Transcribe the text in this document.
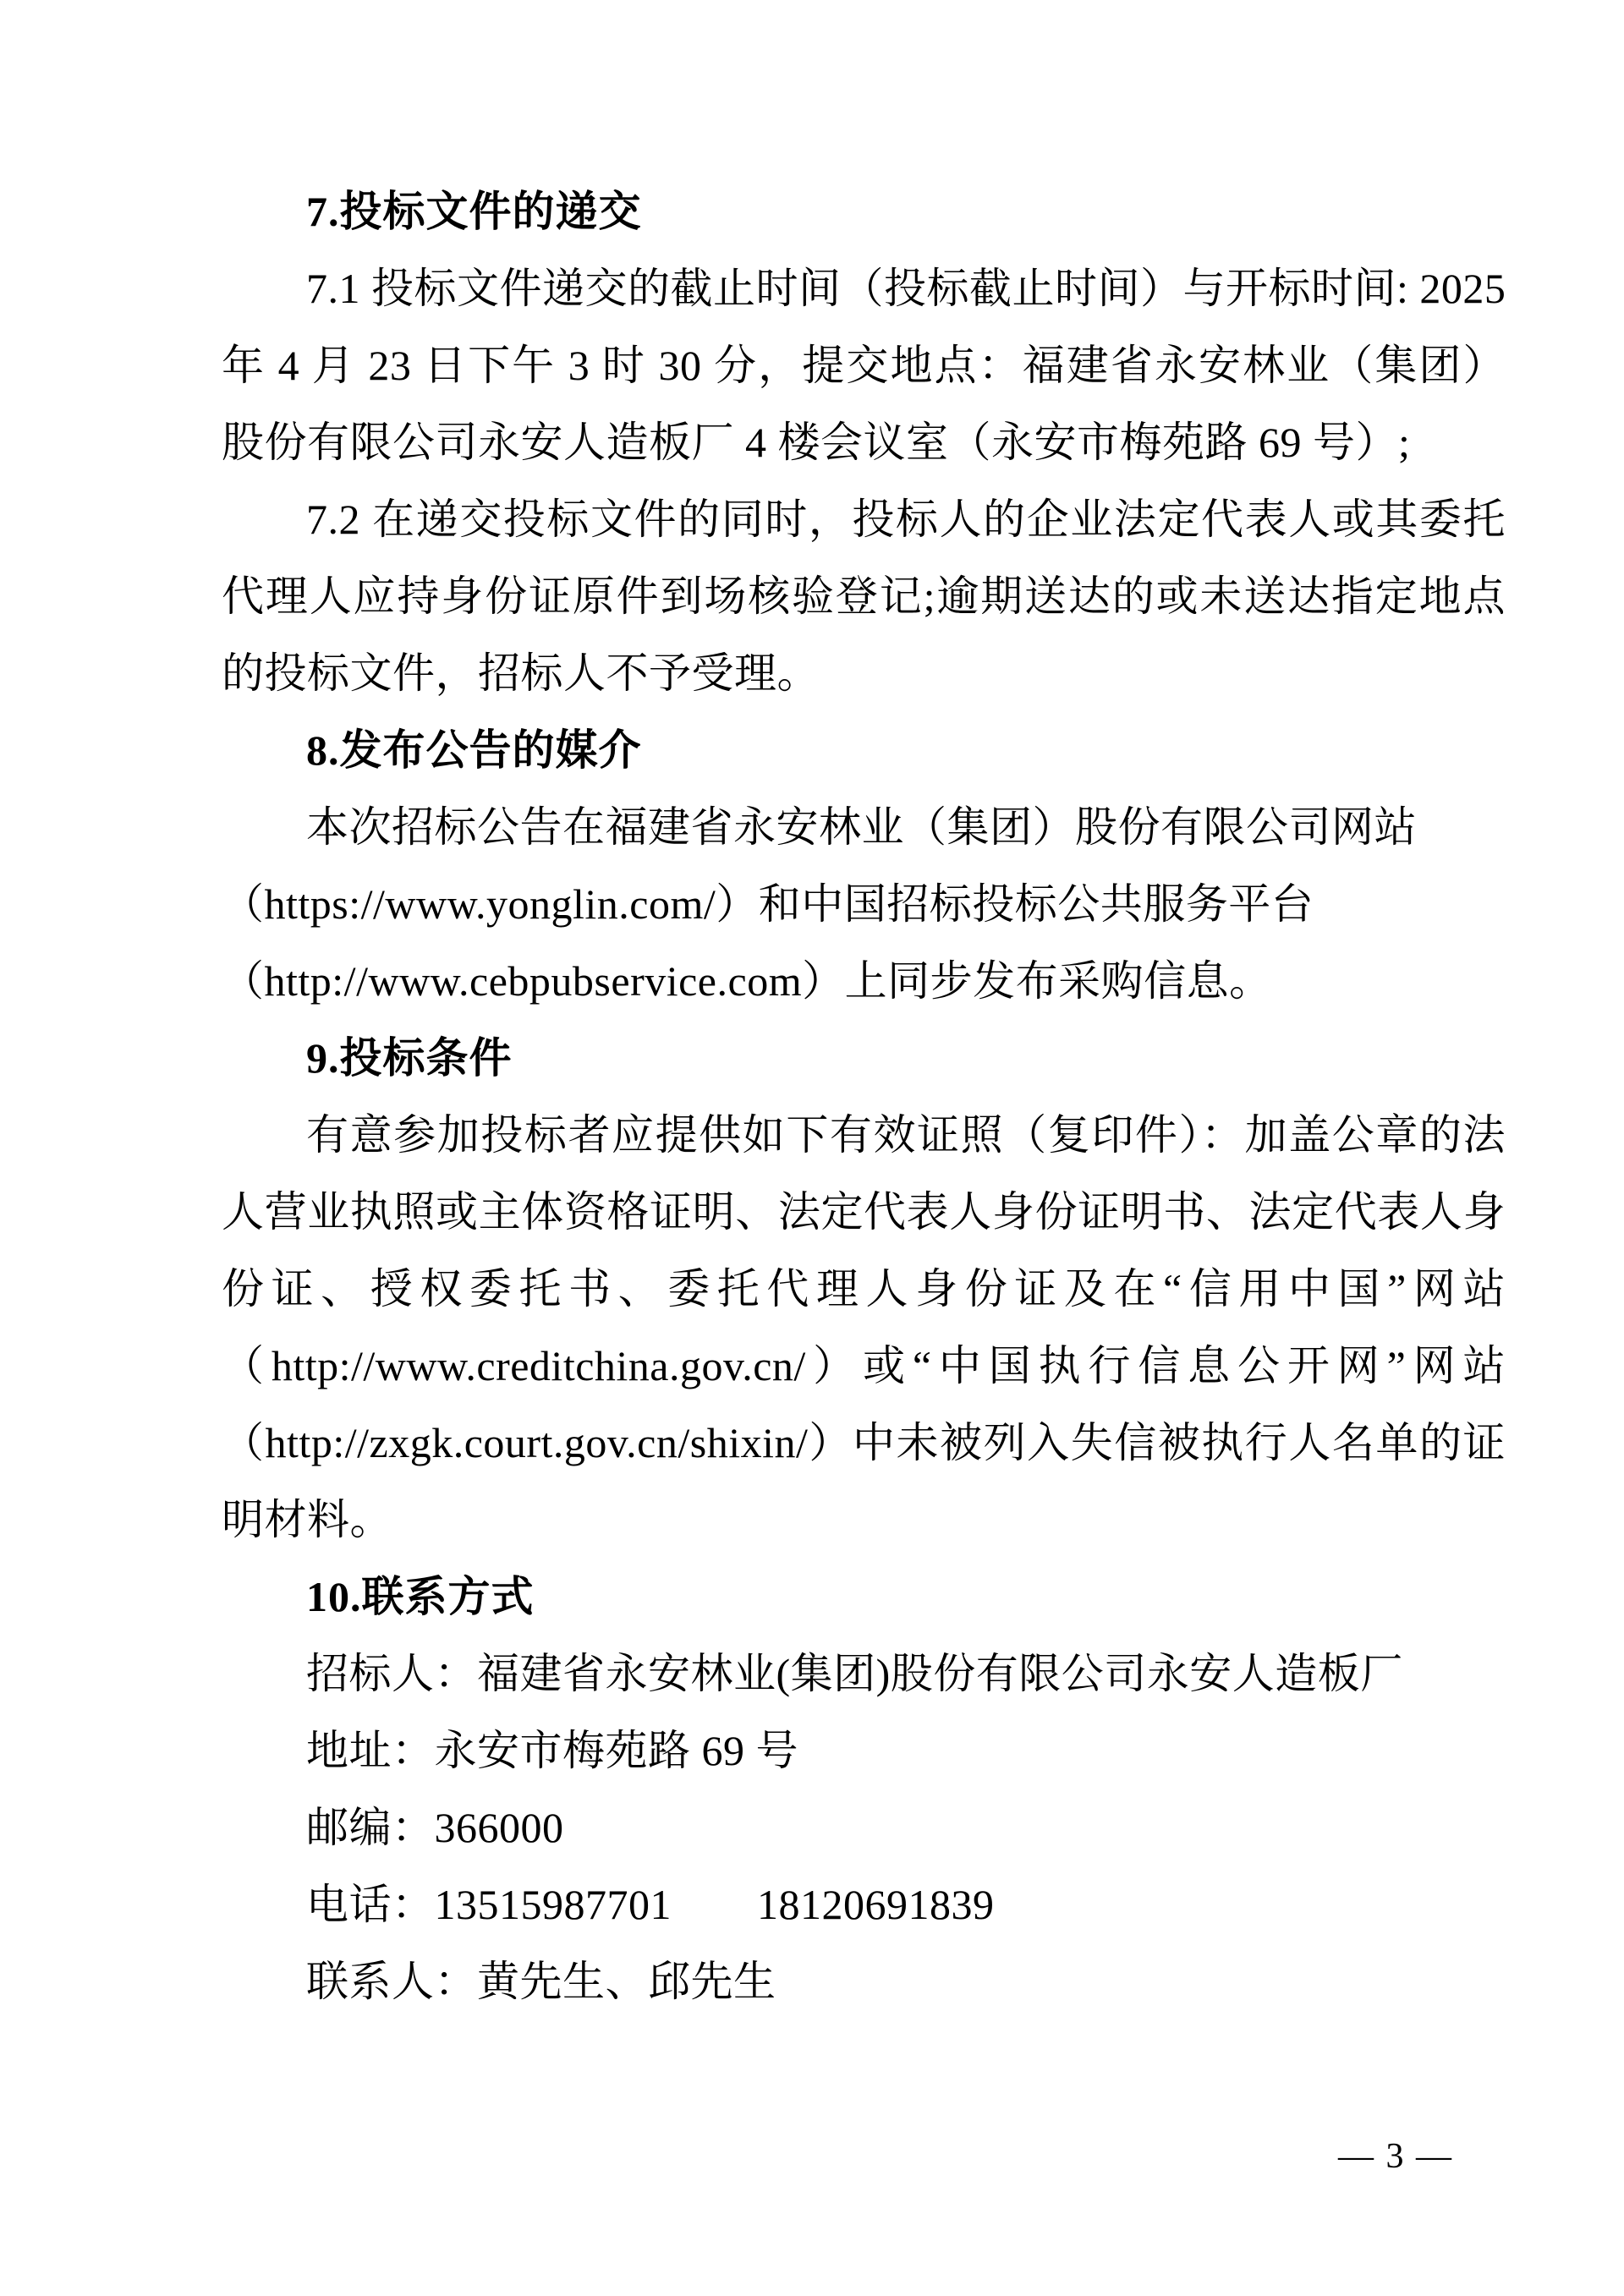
7.投标文件的递交
7.1 投标文件递交的截止时间（投标截止时间）与开标时间: 2025
年 4 月 23 日下午 3 时 30 分，提交地点：福建省永安林业（集团）
股份有限公司永安人造板厂 4 楼会议室（永安市梅苑路 69 号）;
7.2 在递交投标文件的同时，投标人的企业法定代表人或其委托
代理人应持身份证原件到场核验登记;逾期送达的或未送达指定地点
的投标文件，招标人不予受理。
8.发布公告的媒介
本次招标公告在福建省永安林业（集团）股份有限公司网站
（https://www.yonglin.com/）和中国招标投标公共服务平台
（http://www.cebpubservice.com）上同步发布采购信息。
9.投标条件
有意参加投标者应提供如下有效证照（复印件）：加盖公章的法
人营业执照或主体资格证明、法定代表人身份证明书、法定代表人身
份证、授权委托书、委托代理人身份证及在“信用中国”网站
（http://www.creditchina.gov.cn/）或“中国执行信息公开网”网站
（http://zxgk.court.gov.cn/shixin/）中未被列入失信被执行人名单的证
明材料。
10.联系方式
招标人：福建省永安林业(集团)股份有限公司永安人造板厂
地址：永安市梅苑路 69 号
邮编：366000
电话：13515987701  18120691839
联系人：黄先生、邱先生
— 3 —
